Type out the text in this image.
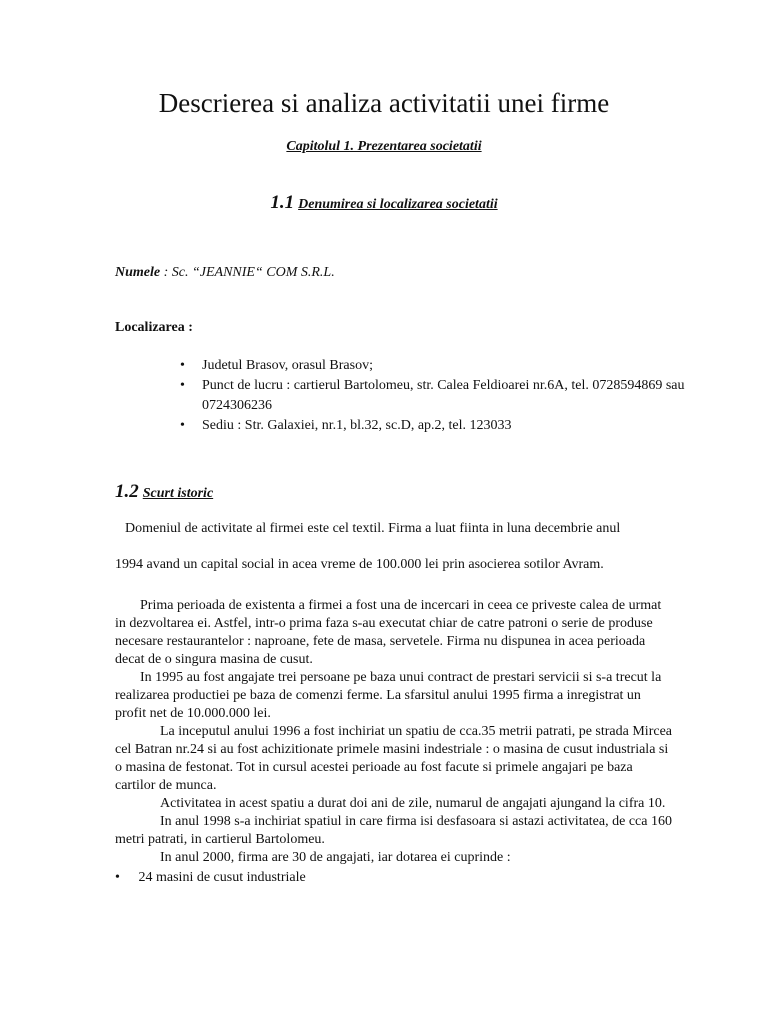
Descrierea si analiza activitatii unei firme
Capitolul 1. Prezentarea societatii
1.1 Denumirea si localizarea societatii
Numele : Sc. “JEANNIE“ COM S.R.L.
Localizarea :
• Judetul Brasov, orasul Brasov;
•	Punct de lucru : cartierul Bartolomeu, str. Calea Feldioarei nr.6A, tel. 0728594869 sau 0724306236
• Sediu : Str. Galaxiei, nr.1, bl.32, sc.D, ap.2, tel. 123033
1.2 Scurt istoric
Domeniul de activitate al firmei este cel textil. Firma a luat fiinta in luna decembrie anul
1994 avand un capital social in acea vreme de 100.000 lei prin asocierea sotilor Avram.

Prima perioada de existenta a firmei a fost una de incercari in ceea ce priveste calea de urmat in dezvoltarea ei. Astfel, intr-o prima faza s-au executat chiar de catre patroni o serie de produse necesare restaurantelor : naproane, fete de masa, servetele. Firma nu dispunea in acea perioada decat de o singura masina de cusut.

In 1995 au fost angajate trei persoane pe baza unui contract de prestari servicii si s-a trecut la realizarea productiei pe baza de comenzi ferme. La sfarsitul anului 1995 firma a inregistrat un profit net de 10.000.000 lei.

La inceputul anului 1996 a fost inchiriat un spatiu de cca.35 metrii patrati, pe strada Mircea cel Batran nr.24 si au fost achizitionate primele masini indestriale : o masina de cusut industriala si o masina de festonat. Tot in cursul acestei perioade au fost facute si primele angajari pe baza cartilor de munca.

Activitatea in acest spatiu a durat doi ani de zile, numarul de angajati ajungand la cifra 10.

In anul 1998 s-a inchiriat spatiul in care firma isi desfasoara si astazi activitatea, de cca 160 metri patrati, in cartierul Bartolomeu.

In anul 2000, firma are 30 de angajati, iar dotarea ei cuprinde :

• 24 masini de cusut industriale
